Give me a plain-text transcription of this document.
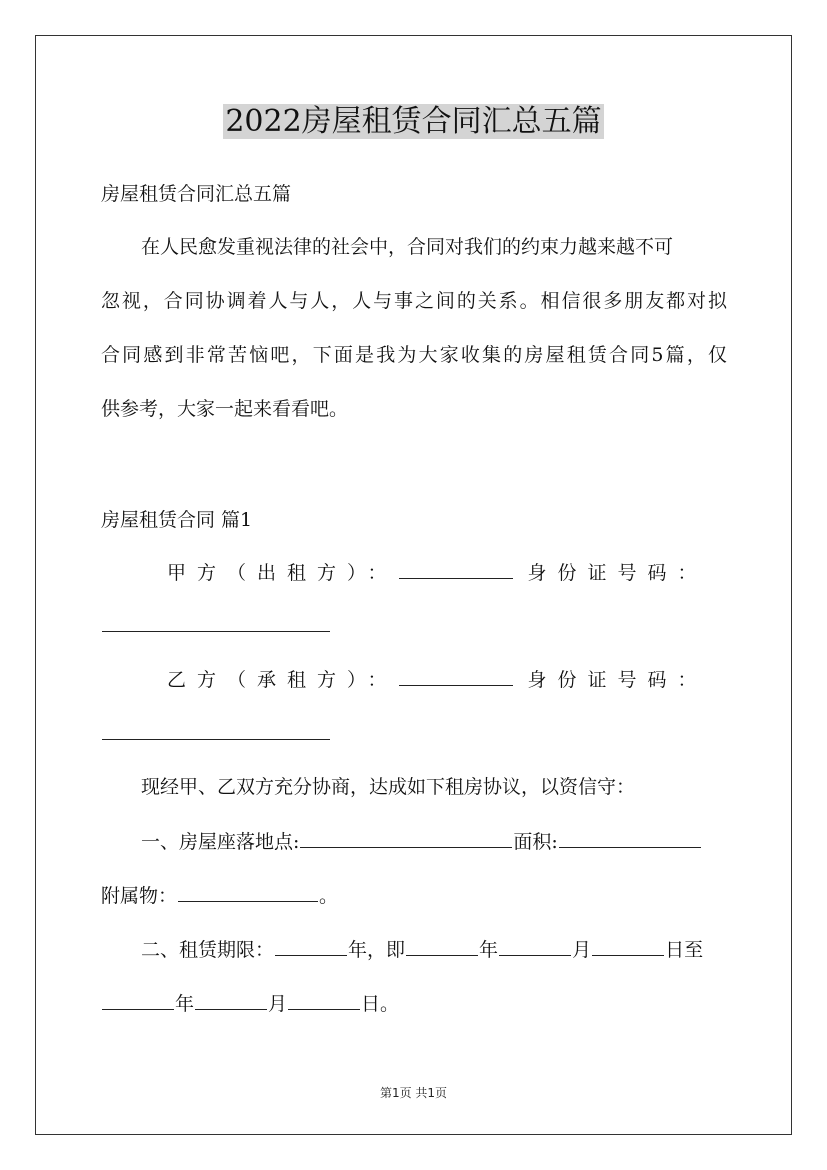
2022房屋租赁合同汇总五篇
房屋租赁合同汇总五篇
在人民愈发重视法律的社会中，合同对我们的约束力越来越不可
忽视，合同协调着人与人，人与事之间的关系。相信很多朋友都对拟
合同感到非常苦恼吧，下面是我为大家收集的房屋租赁合同5篇，仅
供参考，大家一起来看看吧。
房屋租赁合同 篇1
甲方（出租方）：	身份证号码：
乙方（承租方）：	身份证号码：
现经甲、乙双方充分协商，达成如下租房协议，以资信守：
一、房屋座落地点:	面积:
附属物：	。
二、租赁期限：	年，即	年	月	日至
年	月	日。
第1页 共1页
